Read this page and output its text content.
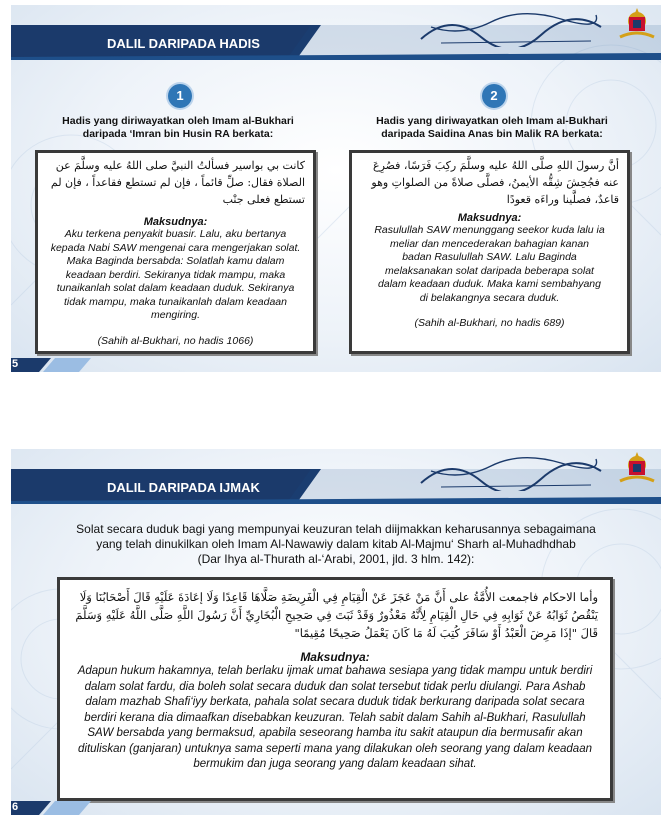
DALIL DARIPADA HADIS
1
Hadis yang diriwayatkan oleh Imam al-Bukhari
daripada ‘Imran bin Husin RA berkata:
كانت بي بواسير فسألتُ النبيَّ صلى اللهُ عليه وسلَّمَ عن الصلاة فقال: صلِّ قائماً ، فإن لم تستطع فقاعداً ، فإن لم تستطع فعلى جنْب
Maksudnya:
Aku terkena penyakit buasir. Lalu, aku bertanya kepada Nabi SAW mengenai cara mengerjakan solat. Maka Baginda bersabda: Solatlah kamu dalam keadaan berdiri. Sekiranya tidak mampu, maka tunaikanlah solat dalam keadaan duduk. Sekiranya tidak mampu, maka tunaikanlah dalam keadaan mengiring.
(Sahih al-Bukhari, no hadis 1066)
2
Hadis yang diriwayatkan oleh Imam al-Bukhari
daripada Saidina Anas bin Malik RA berkata:
أنَّ رسولَ اللهِ صلَّى اللهُ عليه وسلَّمَ ركِبَ فَرَسًا، فصُرِعَ عنه فجُحِشَ شِقُّه الأيمنُ، فصلَّى صلاةً من الصلواتِ وهو قاعدٌ، فصلَّينا وراءَه قعودًا
Maksudnya:
Rasulullah SAW menunggang seekor kuda lalu ia meliar dan mencederakan bahagian kanan badan Rasulullah SAW. Lalu Baginda melaksanakan solat daripada beberapa solat dalam keadaan duduk. Maka kami sembahyang di belakangnya secara duduk.
(Sahih al-Bukhari, no hadis 689)
5
DALIL DARIPADA IJMAK
Solat secara duduk bagi yang mempunyai keuzuran telah diijmakkan keharusannya sebagaimana
yang telah dinukilkan oleh Imam Al-Nawawiy dalam kitab Al-Majmu‘ Sharh al-Muhadhdhab
(Dar Ihya al-Thurath al-‘Arabi, 2001, jld. 3 hlm. 142):
وأما الاحكام فاجمعت الأُمَّةُ على أَنَّ مَنْ عَجَزَ عَنْ الْقِيَامِ فِي الْفَرِيضَةِ صَلَّاهَا قَاعِدًا وَلَا إعَادَةَ عَلَيْهِ قَالَ أَصْحَابُنَا وَلَا يَنْقُصُ ثَوَابُهُ عَنْ ثَوَابِهِ فِي حَالِ الْقِيَامِ لِأَنَّهُ مَعْذُورٌ وَقَدْ ثَبَتَ فِي صَحِيحِ الْبُخَارِيِّ أَنَّ رَسُولَ اللَّهِ صَلَّى اللَّهُ عَلَيْهِ وَسَلَّمَ قَالَ "إذَا مَرِضَ الْعَبْدُ أَوْ سَافَرَ كُتِبَ لَهُ مَا كَانَ يَعْمَلُ صَحِيحًا مُقِيمًا"
Maksudnya:
Adapun hukum hakamnya, telah berlaku ijmak umat bahawa sesiapa yang tidak mampu untuk berdiri dalam solat fardu, dia boleh solat secara duduk dan solat tersebut tidak perlu diulangi. Para Ashab dalam mazhab Shafi‘iyy berkata, pahala solat secara duduk tidak berkurang daripada solat secara berdiri kerana dia dimaafkan disebabkan keuzuran. Telah sabit dalam Sahih al-Bukhari, Rasulullah SAW bersabda yang bermaksud, apabila seseorang hamba itu sakit ataupun dia bermusafir akan dituliskan (ganjaran) untuknya sama seperti mana yang dilakukan oleh seorang yang dalam keadaan bermukim dan juga seorang yang dalam keadaan sihat.
6
